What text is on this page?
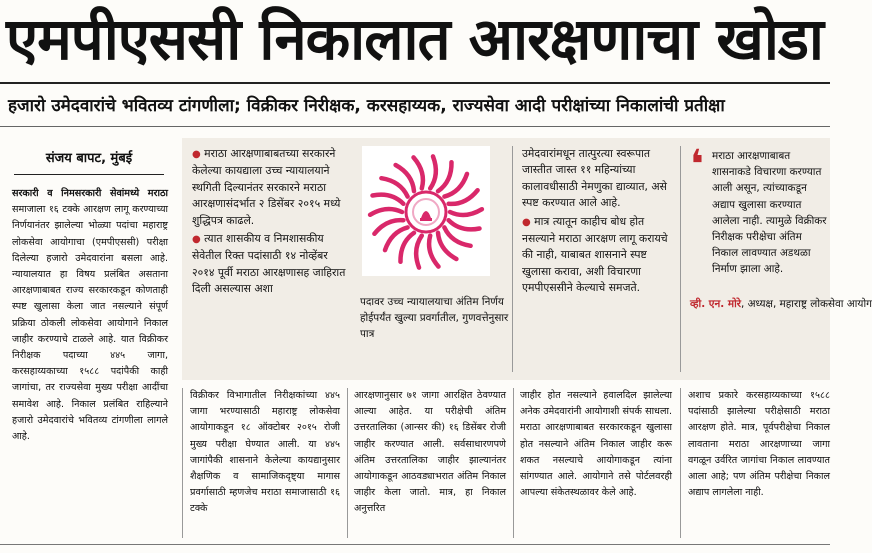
एमपीएससी निकालात आरक्षणाचा खोडा
हजारो उमेदवारांचे भवितव्य टांगणीला; विक्रीकर निरीक्षक, करसहाय्यक, राज्यसेवा आदी परीक्षांच्या निकालांची प्रतीक्षा
संजय बापट, मुंबई

सरकारी व निमसरकारी सेवांमध्ये मराठा समाजाला १६ टक्के आरक्षण लागू करण्याच्या निर्णयानंतर झालेल्या भोळ्या पदांचा महाराष्ट्र लोकसेवा आयोगाचा (एमपीएससी) परीक्षा दिलेल्या हजारो उमेदवारांना बसला आहे. न्यायालयात हा विषय प्रलंबित असताना आरक्षणाबाबत राज्य सरकारकडून कोणताही स्पष्ट खुलासा केला जात नसल्याने संपूर्ण प्रक्रिया ठोकली लोकसेवा आयोगाने निकाल जाहीर करण्याचे टाळले आहे. यात विक्रीकर निरीक्षक पदाच्या ४४५ जागा, करसहाय्यकाच्या १५८८ पदांपैकी काही जागांचा, तर राज्यसेवा मुख्य परीक्षा आदींचा समावेश आहे. निकाल प्रलंबित राहिल्याने हजारो उमेदवारांचे भवितव्य टांगणीला लागले आहे.

● मराठा आरक्षणाबाबतच्या सरकारने केलेल्या कायद्याला उच्च न्यायालयाने स्थगिती दिल्यानंतर सरकारने मराठा आरक्षणासंदर्भात २ डिसेंबर २०१५ मध्ये शुद्धिपत्र काढले.

● त्यात शासकीय व निमशासकीय सेवेतील रिक्त पदांसाठी १४ नोव्हेंबर २०१४ पूर्वी मराठा आरक्षणासह जाहिरात दिली असल्यास अशा

पदावर उच्च न्यायालयाचा अंतिम निर्णय होईपर्यंत खुल्या प्रवर्गातील, गुणवत्तेनुसार पात्र

उमेदवारांमधून तात्पुरत्या स्वरूपात जास्तीत जास्त ११ महिन्यांच्या कालावधीसाठी नेमणुका द्याव्यात, असे स्पष्ट करण्यात आले आहे.

● मात्र त्यातून काहीच बोध होत नसल्याने मराठा आरक्षण लागू करायचे की नाही, याबाबत शासनाने स्पष्ट खुलासा करावा, अशी विचारणा एमपीएससीने केल्याचे समजते.

❛ मराठा आरक्षणाबाबत शासनाकडे विचारणा करण्यात आली असून, त्यांच्याकडून अद्याप खुलासा करण्यात आलेला नाही. त्यामुळे विक्रीकर निरीक्षक परीक्षेचा अंतिम निकाल लावण्यात अडथळा निर्माण झाला आहे.
व्ही. एन. मोरे, अध्यक्ष, महाराष्ट्र लोकसेवा आयोग

विक्रीकर विभागातील निरीक्षकांच्या ४४५ जागा भरण्यासाठी महाराष्ट्र लोकसेवा आयोगाकडून १८ ऑक्टोबर २०१५ रोजी मुख्य परीक्षा घेण्यात आली. या ४४५ जागांपैकी शासनाने केलेल्या कायद्यानुसार शैक्षणिक व सामाजिकदृष्ट्या मागास प्रवर्गासाठी म्हणजेच मराठा समाजासाठी १६ टक्के

आरक्षणानुसार ७१ जागा आरक्षित ठेवण्यात आल्या आहेत. या परीक्षेची अंतिम उत्तरतालिका (आन्सर की) १६ डिसेंबर रोजी जाहीर करण्यात आली. सर्वसाधारणपणे अंतिम उत्तरतालिका जाहीर झाल्यानंतर आयोगाकडून आठवड्याभरात अंतिम निकाल जाहीर केला जातो. मात्र, हा निकाल अनुत्तरित

जाहीर होत नसल्याने हवालदिल झालेल्या अनेक उमेदवारांनी आयोगाशी संपर्क साधला. मराठा आरक्षणाबाबत सरकारकडून खुलासा होत नसल्याने अंतिम निकाल जाहीर करू शकत नसल्याचे आयोगाकडून त्यांना सांगण्यात आले. आयोगाने तसे पोर्टलवरही आपल्या संकेतस्थळावर केले आहे.

अशाच प्रकारे करसहाय्यकाच्या १५८८ पदांसाठी झालेल्या परीक्षेसाठी मराठा आरक्षण होते. मात्र, पूर्वपरीक्षेचा निकाल लावताना मराठा आरक्षणाच्या जागा वगळून उर्वरित जागांचा निकाल लावण्यात आला आहे; पण अंतिम परीक्षेचा निकाल अद्याप लागलेला नाही.
